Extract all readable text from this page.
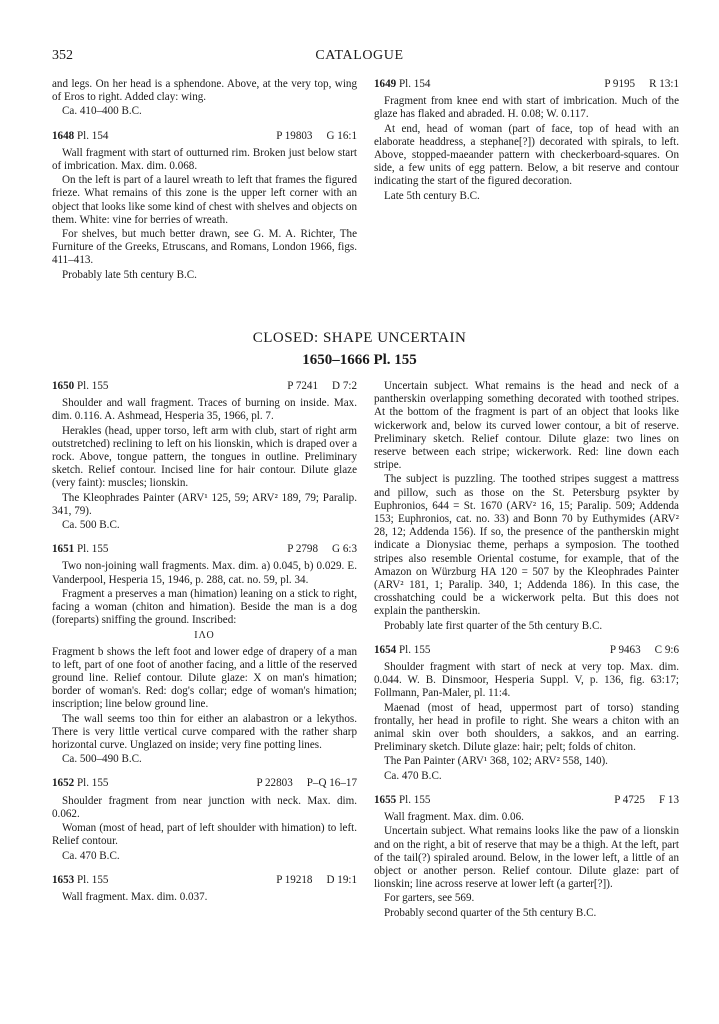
352	CATALOGUE

and legs. On her head is a sphendone. Above, at the very top, wing of Eros to right. Added clay: wing.

Ca. 410–400 B.C.

1648 Pl. 154	P 19803 G 16:1

Wall fragment with start of outturned rim. Broken just below start of imbrication. Max. dim. 0.068.

On the left is part of a laurel wreath to left that frames the figured frieze. What remains of this zone is the upper left corner with an object that looks like some kind of chest with shelves and objects on them. White: vine for berries of wreath.

For shelves, but much better drawn, see G. M. A. Richter, The Furniture of the Greeks, Etruscans, and Romans, London 1966, figs. 411–413.

Probably late 5th century B.C.

1649 Pl. 154	P 9195 R 13:1

Fragment from knee end with start of imbrication. Much of the glaze has flaked and abraded. H. 0.08; W. 0.117.

At end, head of woman (part of face, top of head with an elaborate headdress, a stephane[?]) decorated with spirals, to left. Above, stopped-maeander pattern with checkerboard-squares. On side, a few units of egg pattern. Below, a bit reserve and contour indicating the start of the figured decoration.

Late 5th century B.C.

CLOSED: SHAPE UNCERTAIN
1650–1666 Pl. 155
1650 Pl. 155	P 7241 D 7:2

Shoulder and wall fragment. Traces of burning on inside. Max. dim. 0.116. A. Ashmead, Hesperia 35, 1966, pl. 7.

Herakles (head, upper torso, left arm with club, start of right arm outstretched) reclining to left on his lionskin, which is draped over a rock. Above, tongue pattern, the tongues in outline. Preliminary sketch. Relief contour. Incised line for hair contour. Dilute glaze (very faint): muscles; lionskin.

The Kleophrades Painter (ARV¹ 125, 59; ARV² 189, 79; Paralip. 341, 79).

Ca. 500 B.C.

1651 Pl. 155	P 2798 G 6:3

Two non-joining wall fragments. Max. dim. a) 0.045, b) 0.029. E. Vanderpool, Hesperia 15, 1946, p. 288, cat. no. 59, pl. 34.

Fragment a preserves a man (himation) leaning on a stick to right, facing a woman (chiton and himation). Beside the man is a dog (foreparts) sniffing the ground. Inscribed:

ΙΛΟ

Fragment b shows the left foot and lower edge of drapery of a man to left, part of one foot of another facing, and a little of the reserved ground line. Relief contour. Dilute glaze: X on man's himation; border of woman's. Red: dog's collar; edge of woman's himation; inscription; line below ground line.

The wall seems too thin for either an alabastron or a lekythos. There is very little vertical curve compared with the rather sharp horizontal curve. Unglazed on inside; very fine potting lines.

Ca. 500–490 B.C.

1652 Pl. 155	P 22803 P–Q 16–17

Shoulder fragment from near junction with neck. Max. dim. 0.062.

Woman (most of head, part of left shoulder with himation) to left. Relief contour.

Ca. 470 B.C.

1653 Pl. 155	P 19218 D 19:1

Wall fragment. Max. dim. 0.037.

Uncertain subject. What remains is the head and neck of a pantherskin overlapping something decorated with toothed stripes. At the bottom of the fragment is part of an object that looks like wickerwork and, below its curved lower contour, a bit of reserve. Preliminary sketch. Relief contour. Dilute glaze: two lines on reserve between each stripe; wickerwork. Red: line down each stripe.

The subject is puzzling. The toothed stripes suggest a mattress and pillow, such as those on the St. Petersburg psykter by Euphronios, 644 = St. 1670 (ARV² 16, 15; Paralip. 509; Addenda 153; Euphronios, cat. no. 33) and Bonn 70 by Euthymides (ARV² 28, 12; Addenda 156). If so, the presence of the pantherskin might indicate a Dionysiac theme, perhaps a symposion. The toothed stripes also resemble Oriental costume, for example, that of the Amazon on Würzburg HA 120 = 507 by the Kleophrades Painter (ARV² 181, 1; Paralip. 340, 1; Addenda 186). In this case, the crosshatching could be a wickerwork pelta. But this does not explain the pantherskin.

Probably late first quarter of the 5th century B.C.

1654 Pl. 155	P 9463 C 9:6

Shoulder fragment with start of neck at very top. Max. dim. 0.044. W. B. Dinsmoor, Hesperia Suppl. V, p. 136, fig. 63:17; Follmann, Pan-Maler, pl. 11:4.

Maenad (most of head, uppermost part of torso) standing frontally, her head in profile to right. She wears a chiton with an animal skin over both shoulders, a sakkos, and an earring. Preliminary sketch. Dilute glaze: hair; pelt; folds of chiton.

The Pan Painter (ARV¹ 368, 102; ARV² 558, 140).

Ca. 470 B.C.

1655 Pl. 155	P 4725 F 13

Wall fragment. Max. dim. 0.06.

Uncertain subject. What remains looks like the paw of a lionskin and on the right, a bit of reserve that may be a thigh. At the left, part of the tail(?) spiraled around. Below, in the lower left, a little of an object or another person. Relief contour. Dilute glaze: part of lionskin; line across reserve at lower left (a garter[?]).

For garters, see 569.

Probably second quarter of the 5th century B.C.
